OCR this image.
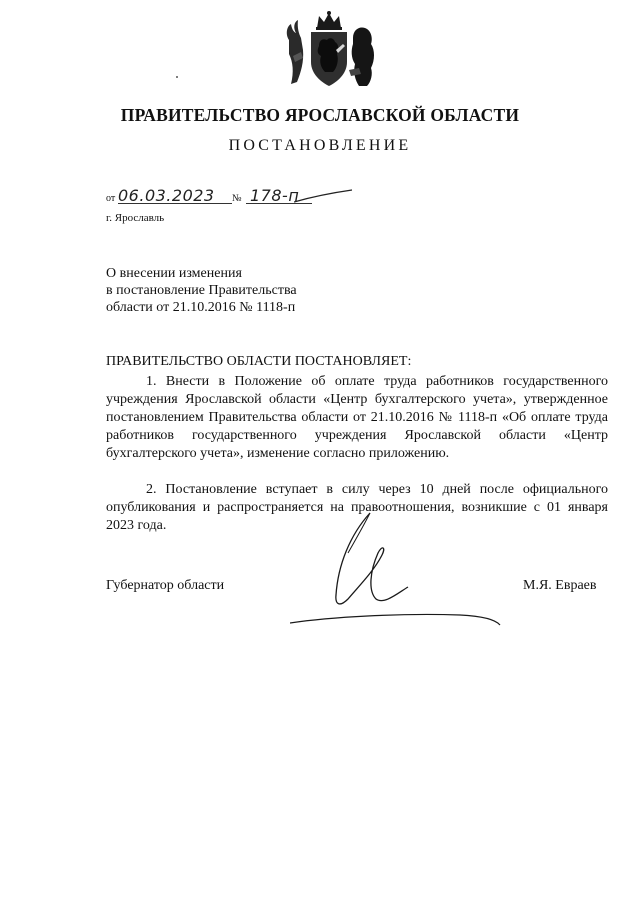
ПРАВИТЕЛЬСТВО ЯРОСЛАВСКОЙ ОБЛАСТИ
ПОСТАНОВЛЕНИЕ
от 06.03.2023	№ 178-п
г. Ярославль
О внесении изменения
в постановление Правительства
области от 21.10.2016 № 1118-п
ПРАВИТЕЛЬСТВО ОБЛАСТИ ПОСТАНОВЛЯЕТ:
1. Внести в Положение об оплате труда работников государственного учреждения Ярославской области «Центр бухгалтерского учета», утвержденное постановлением Правительства области от 21.10.2016 № 1118-п «Об оплате труда работников государственного учреждения Ярославской области «Центр бухгалтерского учета», изменение согласно приложению.
2. Постановление вступает в силу через 10 дней после официального опубликования и распространяется на правоотношения, возникшие с 01 января 2023 года.
Губернатор области	М.Я. Евраев
